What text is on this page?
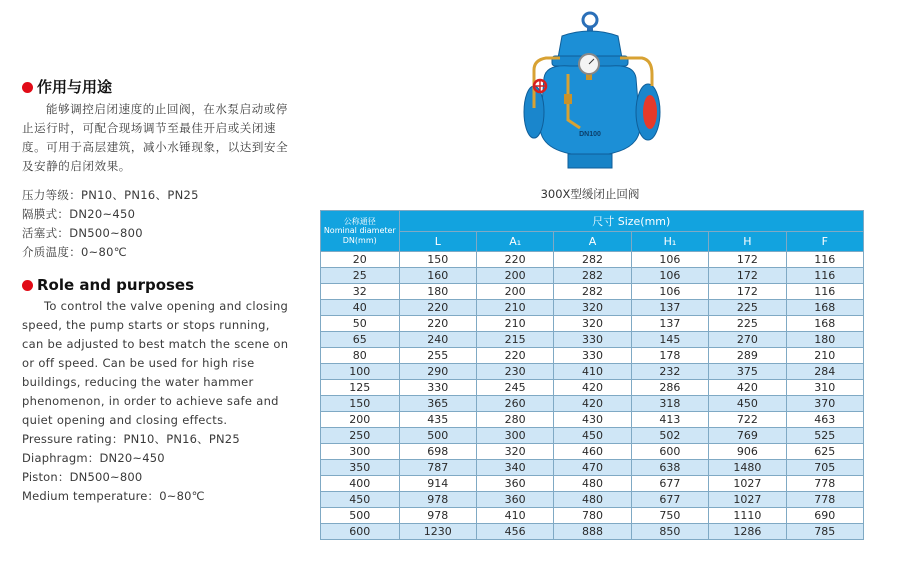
作用与用途

能够调控启闭速度的止回阀，在水泵启动或停止运行时，可配合现场调节至最佳开启或关闭速度。可用于高层建筑，减小水锤现象，以达到安全及安静的启闭效果。

压力等级：PN10、PN16、PN25

隔膜式：DN20~450

活塞式：DN500~800

介质温度：0~80℃

Role and purposes

To control the valve opening and closing speed, the pump starts or stops running, can be adjusted to best match the scene on or off speed. Can be used for high rise buildings, reducing the water hammer phenomenon, in order to achieve safe and quiet opening and closing effects.

Pressure rating：PN10、PN16、PN25

Diaphragm：DN20~450

Piston：DN500~800

Medium temperature：0~80℃

DN100
300X型缓闭止回阀
公称通径
Nominal diameter
DN(mm)	尺寸 Size(mm)					
	L	A₁	A	H₁	H	F
20	150	220	282	106	172	116
25	160	200	282	106	172	116
32	180	200	282	106	172	116
40	220	210	320	137	225	168
50	220	210	320	137	225	168
65	240	215	330	145	270	180
80	255	220	330	178	289	210
100	290	230	410	232	375	284
125	330	245	420	286	420	310
150	365	260	420	318	450	370
200	435	280	430	413	722	463
250	500	300	450	502	769	525
300	698	320	460	600	906	625
350	787	340	470	638	1480	705
400	914	360	480	677	1027	778
450	978	360	480	677	1027	778
500	978	410	780	750	1110	690
600	1230	456	888	850	1286	785
